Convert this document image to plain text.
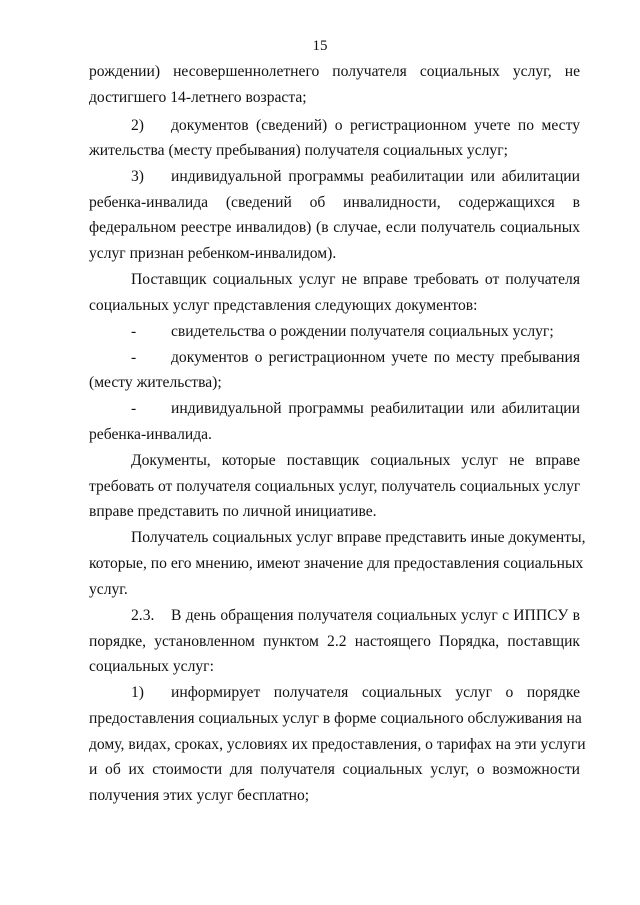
15
рождении) несовершеннолетнего получателя социальных услуг, не
достигшего 14-летнего возраста;
2) документов (сведений) о регистрационном учете по месту
жительства (месту пребывания) получателя социальных услуг;
3) индивидуальной программы реабилитации или абилитации
ребенка-инвалида (сведений об инвалидности, содержащихся в
федеральном реестре инвалидов) (в случае, если получатель социальных
услуг признан ребенком-инвалидом).
Поставщик социальных услуг не вправе требовать от получателя
социальных услуг представления следующих документов:
- свидетельства о рождении получателя социальных услуг;
- документов о регистрационном учете по месту пребывания
(месту жительства);
- индивидуальной программы реабилитации или абилитации
ребенка-инвалида.
Документы, которые поставщик социальных услуг не вправе
требовать от получателя социальных услуг, получатель социальных услуг
вправе представить по личной инициативе.
Получатель социальных услуг вправе представить иные документы,
которые, по его мнению, имеют значение для предоставления социальных
услуг.
2.3. В день обращения получателя социальных услуг с ИППСУ в
порядке, установленном пунктом 2.2 настоящего Порядка, поставщик
социальных услуг:
1) информирует получателя социальных услуг о порядке
предоставления социальных услуг в форме социального обслуживания на
дому, видах, сроках, условиях их предоставления, о тарифах на эти услуги
и об их стоимости для получателя социальных услуг, о возможности
получения этих услуг бесплатно;
